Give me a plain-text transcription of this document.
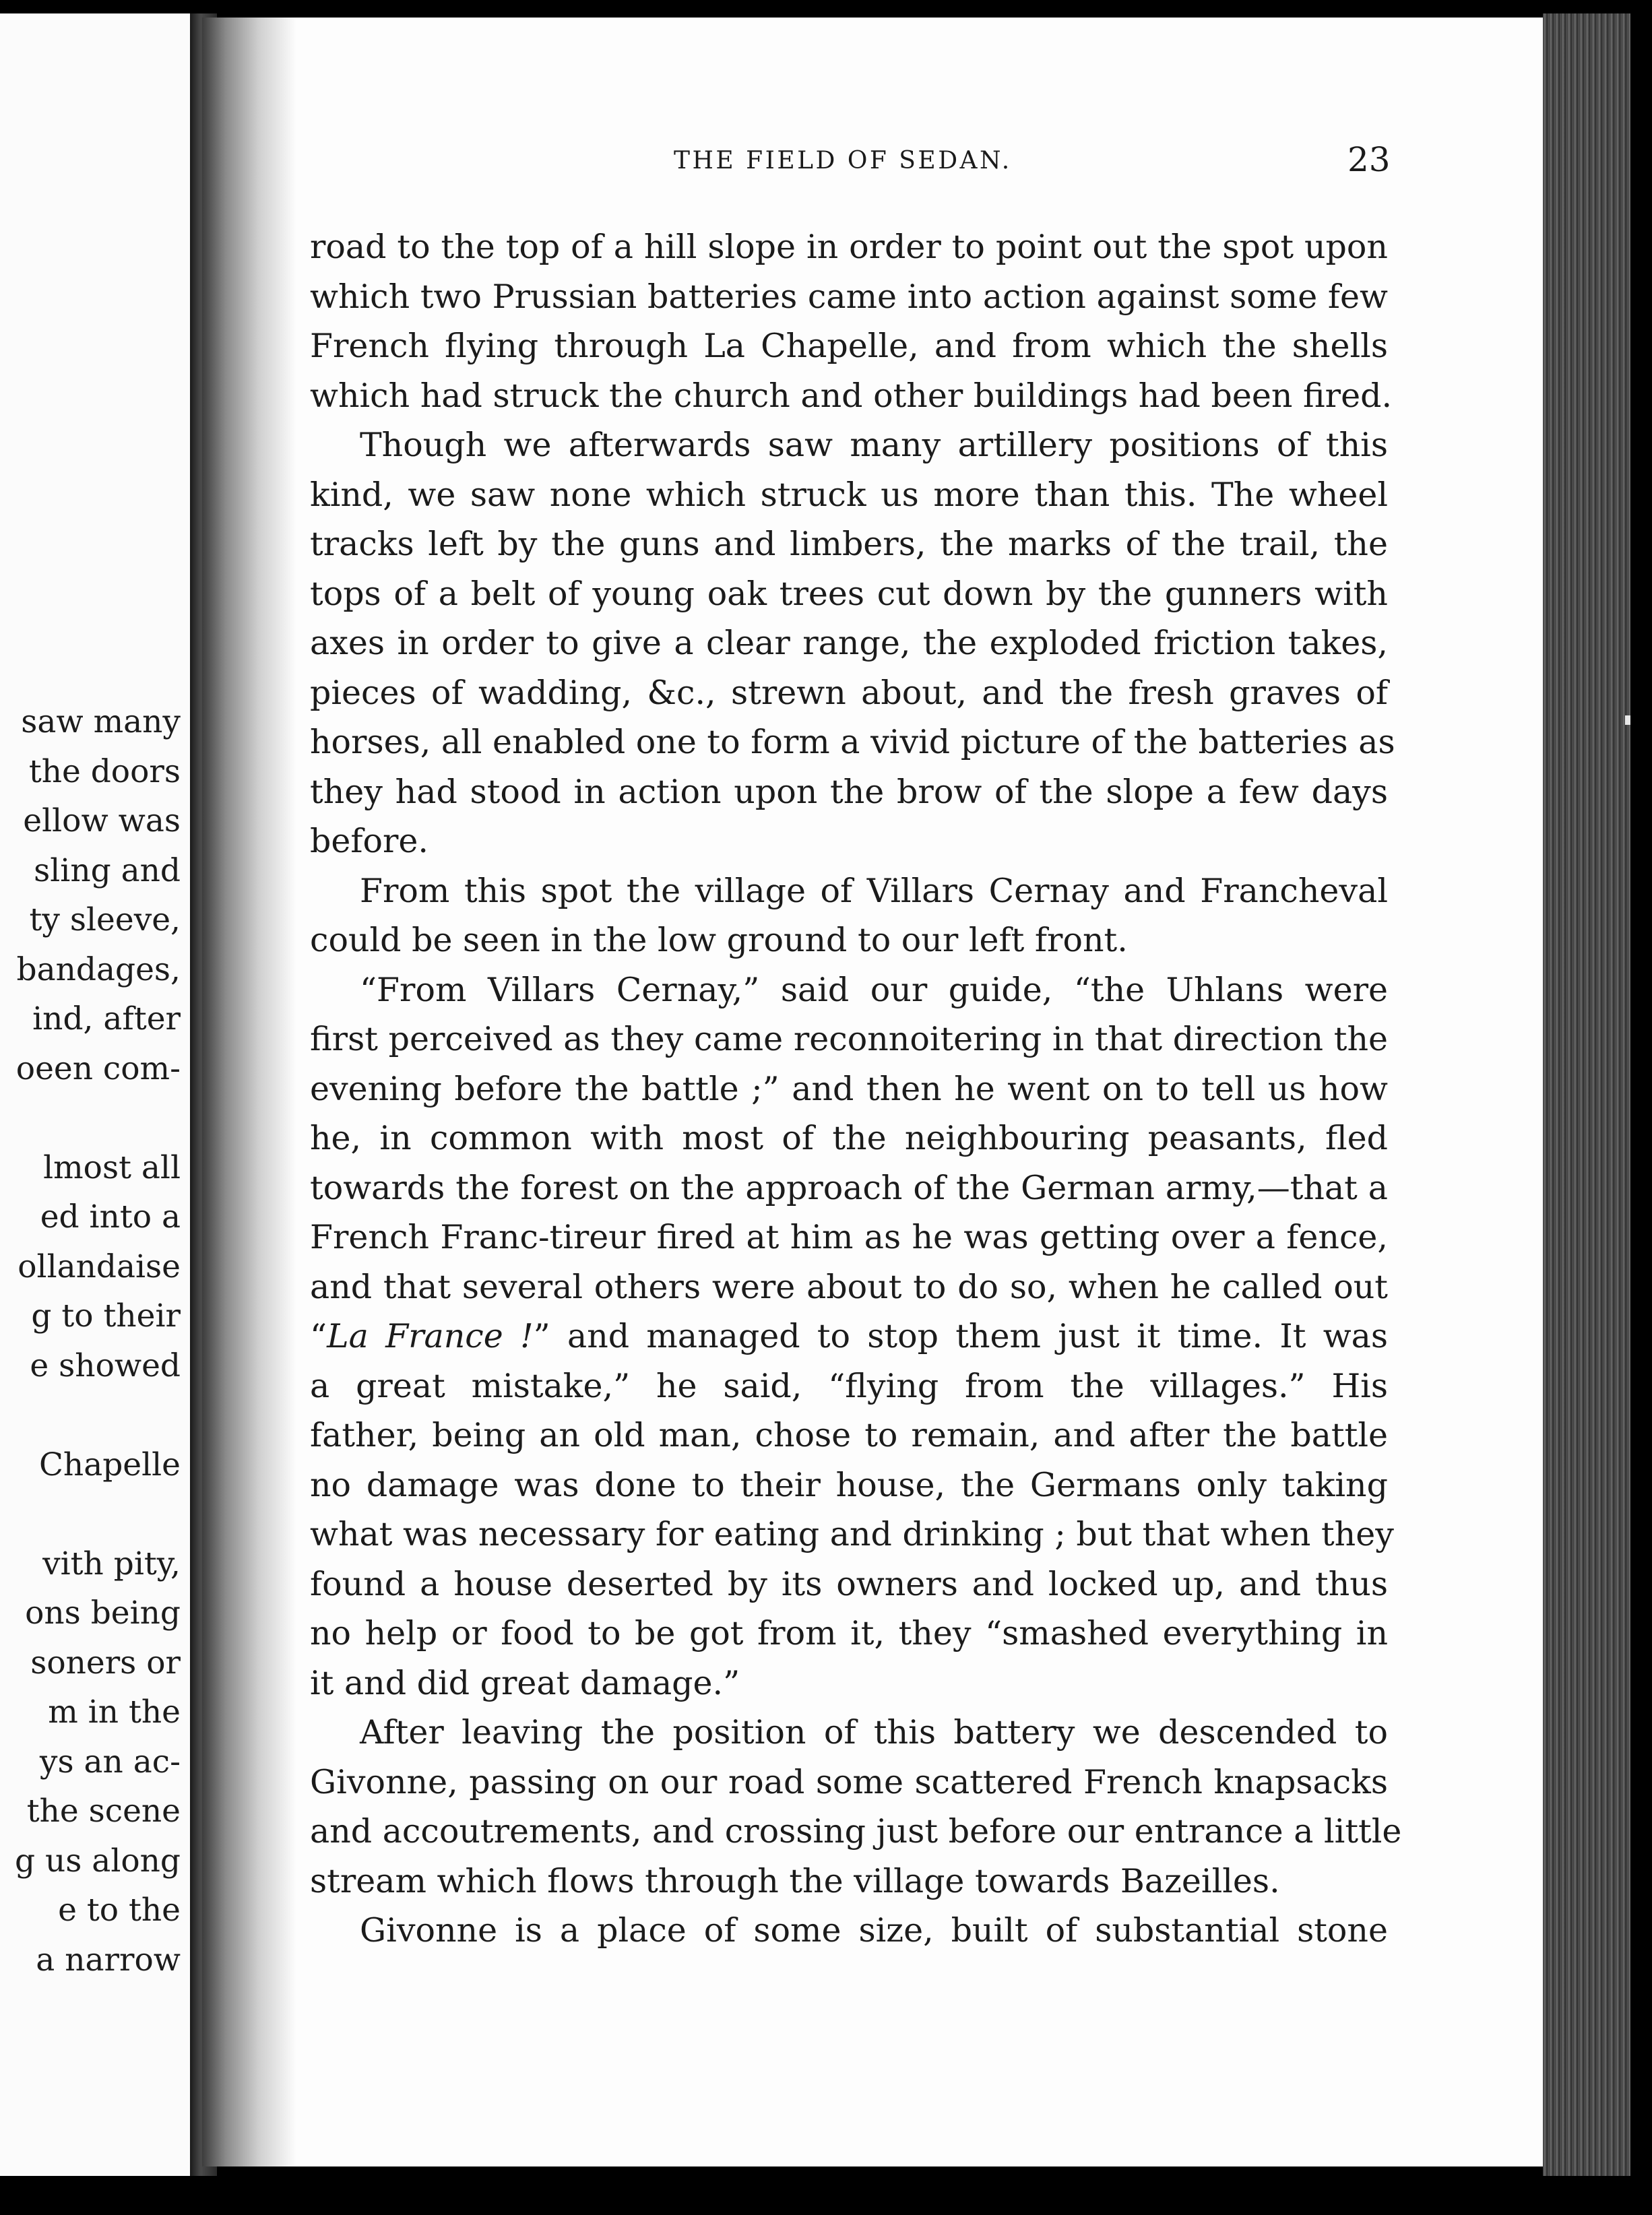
saw many
the doors
ellow was
sling and
ty sleeve,
bandages,
ind, after
oeen com-

lmost all
ed into a
ollandaise
g to their
e showed

Chapelle

vith pity,
ons being
soners or
m in the
ys an ac-
the scene
g us along
e to the
a narrow
THE FIELD OF SEDAN.	23
road to the top of a hill slope in order to point out the spot upon
which two Prussian batteries came into action against some few
French flying through La Chapelle, and from which the shells
which had struck the church and other buildings had been fired.
Though we afterwards saw many artillery positions of this
kind, we saw none which struck us more than this. The wheel
tracks left by the guns and limbers, the marks of the trail, the
tops of a belt of young oak trees cut down by the gunners with
axes in order to give a clear range, the exploded friction takes,
pieces of wadding, &c., strewn about, and the fresh graves of
horses, all enabled one to form a vivid picture of the batteries as
they had stood in action upon the brow of the slope a few days
before.
From this spot the village of Villars Cernay and Francheval
could be seen in the low ground to our left front.
“From Villars Cernay,” said our guide, “the Uhlans were
first perceived as they came reconnoitering in that direction the
evening before the battle ;” and then he went on to tell us how
he, in common with most of the neighbouring peasants, fled
towards the forest on the approach of the German army,—that a
French Franc-tireur fired at him as he was getting over a fence,
and that several others were about to do so, when he called out
“La France !” and managed to stop them just it time. It was
a great mistake,” he said, “flying from the villages.” His
father, being an old man, chose to remain, and after the battle
no damage was done to their house, the Germans only taking
what was necessary for eating and drinking ; but that when they
found a house deserted by its owners and locked up, and thus
no help or food to be got from it, they “smashed everything in
it and did great damage.”
After leaving the position of this battery we descended to
Givonne, passing on our road some scattered French knapsacks
and accoutrements, and crossing just before our entrance a little
stream which flows through the village towards Bazeilles.
Givonne is a place of some size, built of substantial stone
